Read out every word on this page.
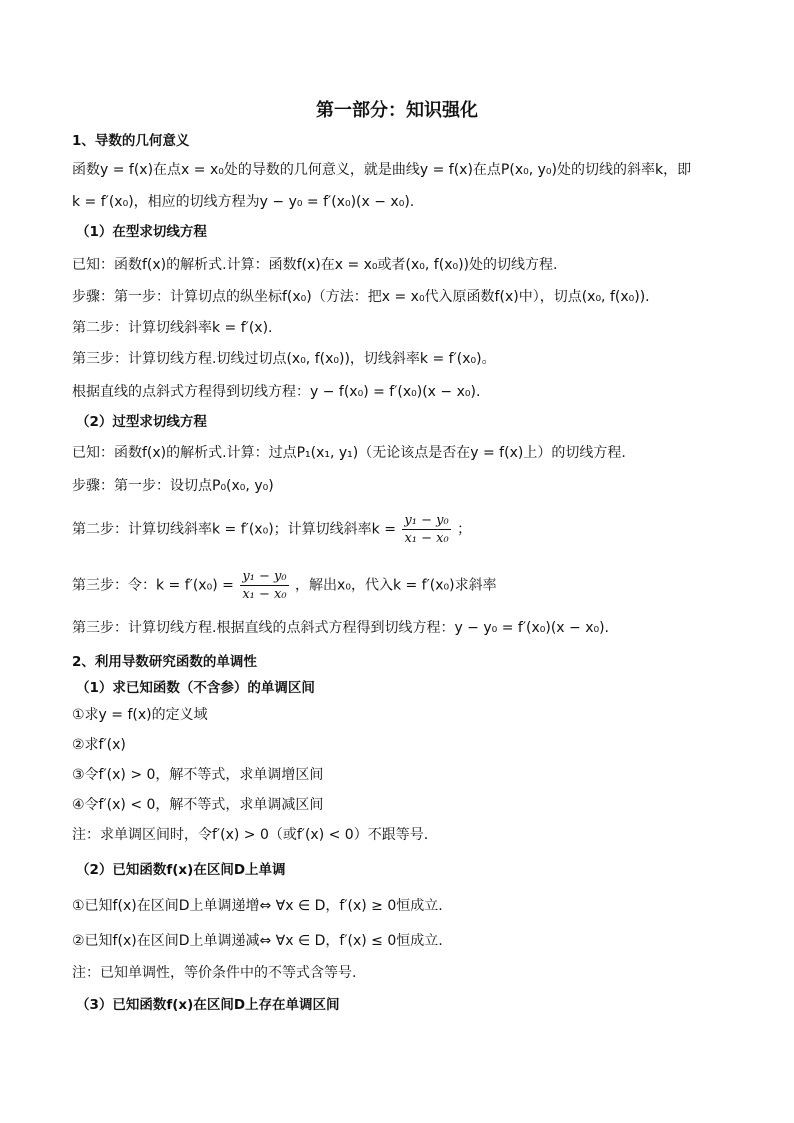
第一部分：知识强化
1、导数的几何意义
函数y = f(x)在点x = x₀处的导数的几何意义，就是曲线y = f(x)在点P(x₀, y₀)处的切线的斜率k，即
k = f′(x₀)，相应的切线方程为y − y₀ = f′(x₀)(x − x₀).
（1）在型求切线方程
已知：函数f(x)的解析式.计算：函数f(x)在x = x₀或者(x₀, f(x₀))处的切线方程.
步骤：第一步：计算切点的纵坐标f(x₀)（方法：把x = x₀代入原函数f(x)中），切点(x₀, f(x₀)).
第二步：计算切线斜率k = f′(x).
第三步：计算切线方程.切线过切点(x₀, f(x₀))，切线斜率k = f′(x₀)。
根据直线的点斜式方程得到切线方程：y − f(x₀) = f′(x₀)(x − x₀).
（2）过型求切线方程
已知：函数f(x)的解析式.计算：过点P₁(x₁, y₁)（无论该点是否在y = f(x)上）的切线方程.
步骤：第一步：设切点P₀(x₀, y₀)
第二步：计算切线斜率k = f′(x₀)；计算切线斜率$k = \frac{\text{y₁ − y₀}}{\text{x₁ − x₀}}$ ；
第三步：令：$k = f'(x_0) = \frac{\text{y₁ − y₀}}{\text{x₁ − x₀}}$ ，解出x₀，代入k = f′(x₀)求斜率
第三步：计算切线方程.根据直线的点斜式方程得到切线方程：y − y₀ = f′(x₀)(x − x₀).
2、利用导数研究函数的单调性
（1）求已知函数（不含参）的单调区间
①求y = f(x)的定义域
②求f′(x)
③令f′(x) > 0，解不等式，求单调增区间
④令f′(x) < 0，解不等式，求单调减区间
注：求单调区间时，令f′(x) > 0（或f′(x) < 0）不跟等号.
（2）已知函数f(x)在区间D上单调
①已知f(x)在区间D上单调递增⇔ ∀x ∈ D，f′(x) ≥ 0恒成立.
②已知f(x)在区间D上单调递减⇔ ∀x ∈ D，f′(x) ≤ 0恒成立.
注：已知单调性，等价条件中的不等式含等号.
（3）已知函数f(x)在区间D上存在单调区间
